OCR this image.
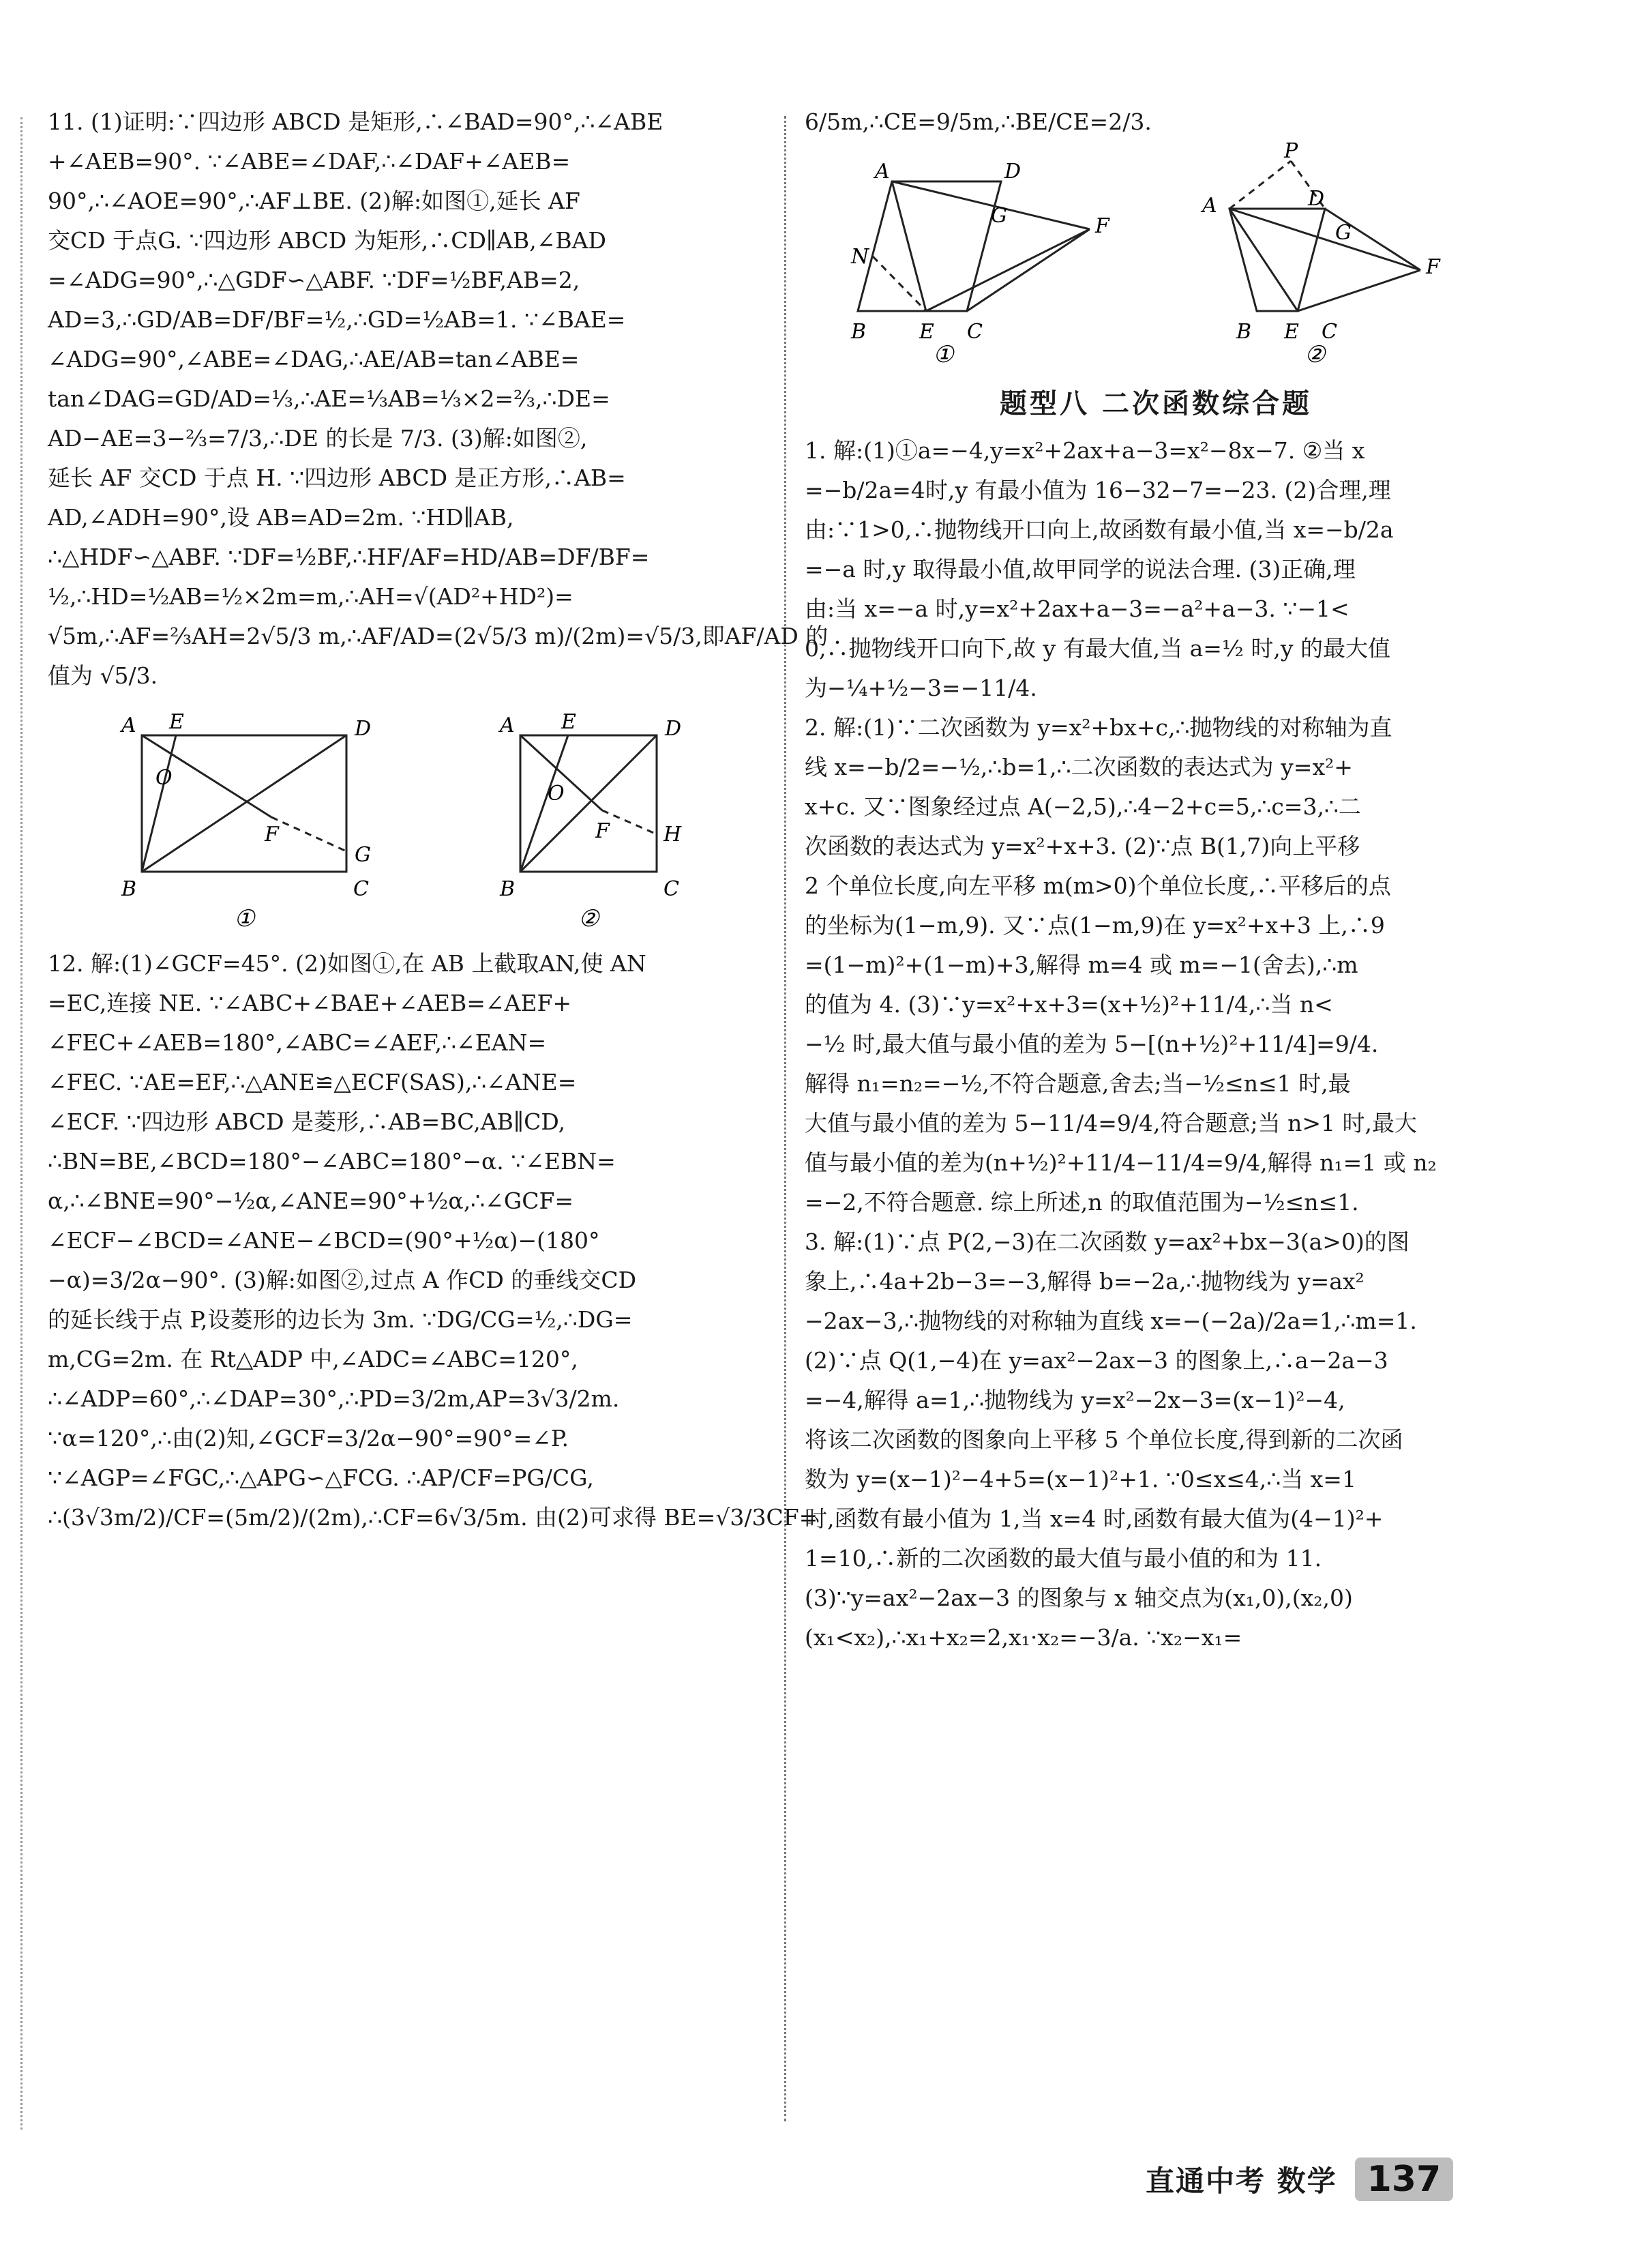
11. (1)证明:∵四边形 ABCD 是矩形,∴∠BAD=90°,∴∠ABE
+∠AEB=90°. ∵∠ABE=∠DAF,∴∠DAF+∠AEB=
90°,∴∠AOE=90°,∴AF⊥BE. (2)解:如图①,延长 AF
交CD 于点G. ∵四边形 ABCD 为矩形,∴CD∥AB,∠BAD
=∠ADG=90°,∴△GDF∽△ABF. ∵DF=½BF,AB=2,
AD=3,∴GD/AB=DF/BF=½,∴GD=½AB=1. ∵∠BAE=
∠ADG=90°,∠ABE=∠DAG,∴AE/AB=tan∠ABE=
tan∠DAG=GD/AD=⅓,∴AE=⅓AB=⅓×2=⅔,∴DE=
AD−AE=3−⅔=7/3,∴DE 的长是 7/3. (3)解:如图②,
延长 AF 交CD 于点 H. ∵四边形 ABCD 是正方形,∴AB=
AD,∠ADH=90°,设 AB=AD=2m. ∵HD∥AB,
∴△HDF∽△ABF. ∵DF=½BF,∴HF/AF=HD/AB=DF/BF=
½,∴HD=½AB=½×2m=m,∴AH=√(AD²+HD²)=
√5m,∴AF=⅔AH=2√5/3 m,∴AF/AD=(2√5/3 m)/(2m)=√5/3,即AF/AD 的
值为 √5/3.
A E	D
O
F
G
B	C
①
A E	D
O
F	H
B	C
②
12. 解:(1)∠GCF=45°. (2)如图①,在 AB 上截取AN,使 AN
=EC,连接 NE. ∵∠ABC+∠BAE+∠AEB=∠AEF+
∠FEC+∠AEB=180°,∠ABC=∠AEF,∴∠EAN=
∠FEC. ∵AE=EF,∴△ANE≌△ECF(SAS),∴∠ANE=
∠ECF. ∵四边形 ABCD 是菱形,∴AB=BC,AB∥CD,
∴BN=BE,∠BCD=180°−∠ABC=180°−α. ∵∠EBN=
α,∴∠BNE=90°−½α,∠ANE=90°+½α,∴∠GCF=
∠ECF−∠BCD=∠ANE−∠BCD=(90°+½α)−(180°
−α)=3/2α−90°. (3)解:如图②,过点 A 作CD 的垂线交CD
的延长线于点 P,设菱形的边长为 3m. ∵DG/CG=½,∴DG=
m,CG=2m. 在 Rt△ADP 中,∠ADC=∠ABC=120°,
∴∠ADP=60°,∴∠DAP=30°,∴PD=3/2m,AP=3√3/2m.
∵α=120°,∴由(2)知,∠GCF=3/2α−90°=90°=∠P.
∵∠AGP=∠FGC,∴△APG∽△FCG. ∴AP/CF=PG/CG,
∴(3√3m/2)/CF=(5m/2)/(2m),∴CF=6√3/5m. 由(2)可求得 BE=√3/3CF=
6/5m,∴CE=9/5m,∴BE/CE=2/3.
A	D
G	F
N
B	E C
①
P
A	D
G
F
B E C
②
题型八 二次函数综合题
1. 解:(1)①a=−4,y=x²+2ax+a−3=x²−8x−7. ②当 x
=−b/2a=4时,y 有最小值为 16−32−7=−23. (2)合理,理
由:∵1>0,∴抛物线开口向上,故函数有最小值,当 x=−b/2a
=−a 时,y 取得最小值,故甲同学的说法合理. (3)正确,理
由:当 x=−a 时,y=x²+2ax+a−3=−a²+a−3. ∵−1<
0,∴抛物线开口向下,故 y 有最大值,当 a=½ 时,y 的最大值
为−¼+½−3=−11/4.
2. 解:(1)∵二次函数为 y=x²+bx+c,∴抛物线的对称轴为直
线 x=−b/2=−½,∴b=1,∴二次函数的表达式为 y=x²+
x+c. 又∵图象经过点 A(−2,5),∴4−2+c=5,∴c=3,∴二
次函数的表达式为 y=x²+x+3. (2)∵点 B(1,7)向上平移
2 个单位长度,向左平移 m(m>0)个单位长度,∴平移后的点
的坐标为(1−m,9). 又∵点(1−m,9)在 y=x²+x+3 上,∴9
=(1−m)²+(1−m)+3,解得 m=4 或 m=−1(舍去),∴m
的值为 4. (3)∵y=x²+x+3=(x+½)²+11/4,∴当 n<
−½ 时,最大值与最小值的差为 5−[(n+½)²+11/4]=9/4.
解得 n₁=n₂=−½,不符合题意,舍去;当−½≤n≤1 时,最
大值与最小值的差为 5−11/4=9/4,符合题意;当 n>1 时,最大
值与最小值的差为(n+½)²+11/4−11/4=9/4,解得 n₁=1 或 n₂
=−2,不符合题意. 综上所述,n 的取值范围为−½≤n≤1.
3. 解:(1)∵点 P(2,−3)在二次函数 y=ax²+bx−3(a>0)的图
象上,∴4a+2b−3=−3,解得 b=−2a,∴抛物线为 y=ax²
−2ax−3,∴抛物线的对称轴为直线 x=−(−2a)/2a=1,∴m=1.
(2)∵点 Q(1,−4)在 y=ax²−2ax−3 的图象上,∴a−2a−3
=−4,解得 a=1,∴抛物线为 y=x²−2x−3=(x−1)²−4,
将该二次函数的图象向上平移 5 个单位长度,得到新的二次函
数为 y=(x−1)²−4+5=(x−1)²+1. ∵0≤x≤4,∴当 x=1
时,函数有最小值为 1,当 x=4 时,函数有最大值为(4−1)²+
1=10,∴新的二次函数的最大值与最小值的和为 11.
(3)∵y=ax²−2ax−3 的图象与 x 轴交点为(x₁,0),(x₂,0)
(x₁<x₂),∴x₁+x₂=2,x₁·x₂=−3/a. ∵x₂−x₁=
直通中考 数学 137
